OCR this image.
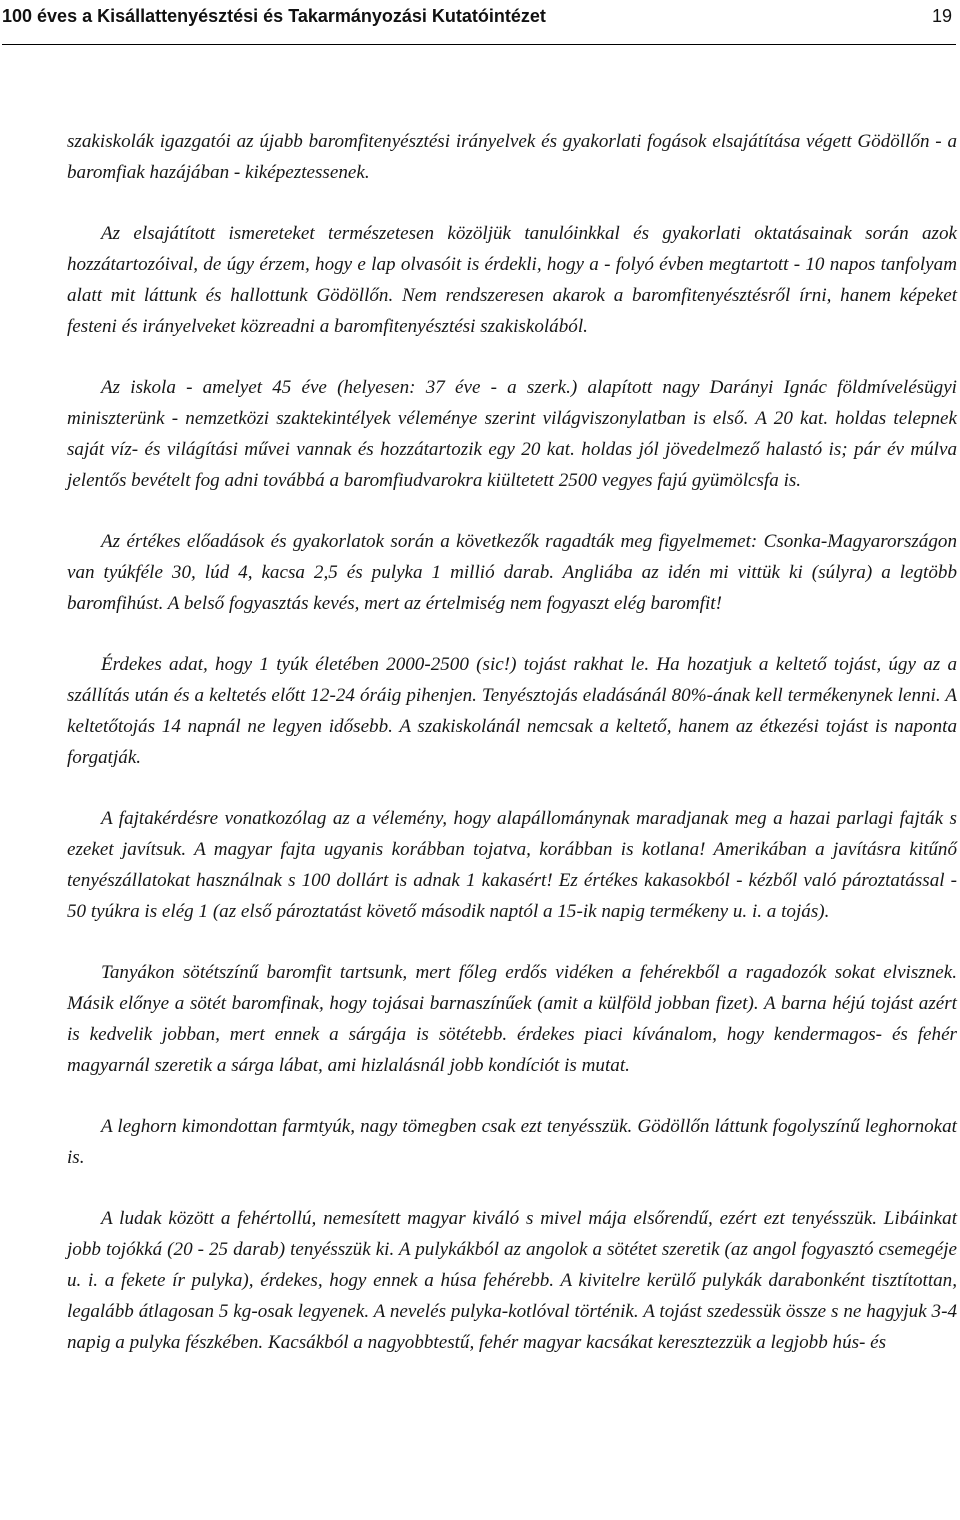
100 éves a Kisállattenyésztési és Takarmányozási Kutatóintézet	19

szakiskolák igazgatói az újabb baromfitenyésztési irányelvek és gyakorlati fogások elsajátítása végett Gödöllőn - a baromfiak hazájában - kiképeztessenek.

Az elsajátított ismereteket természetesen közöljük tanulóinkkal és gyakorlati oktatásainak során azok hozzátartozóival, de úgy érzem, hogy e lap olvasóit is érdekli, hogy a - folyó évben megtartott - 10 napos tanfolyam alatt mit láttunk és hallottunk Gödöllőn. Nem rendszeresen akarok a baromfitenyésztésről írni, hanem képeket festeni és irányelveket közreadni a baromfitenyésztési szakiskolából.

Az iskola - amelyet 45 éve (helyesen: 37 éve - a szerk.) alapított nagy Darányi Ignác földmívelésügyi miniszterünk - nemzetközi szaktekintélyek véleménye szerint világviszonylatban is első. A 20 kat. holdas telepnek saját víz- és világítási művei vannak és hozzátartozik egy 20 kat. holdas jól jövedelmező halastó is; pár év múlva jelentős bevételt fog adni továbbá a baromfiudvarokra kiültetett 2500 vegyes fajú gyümölcsfa is.

Az értékes előadások és gyakorlatok során a következők ragadták meg figyelmemet: Csonka-Magyarországon van tyúkféle 30, lúd 4, kacsa 2,5 és pulyka 1 millió darab. Angliába az idén mi vittük ki (súlyra) a legtöbb baromfihúst. A belső fogyasztás kevés, mert az értelmiség nem fogyaszt elég baromfit!

Érdekes adat, hogy 1 tyúk életében 2000-2500 (sic!) tojást rakhat le. Ha hozatjuk a keltető tojást, úgy az a szállítás után és a keltetés előtt 12-24 óráig pihenjen. Tenyésztojás eladásánál 80%-ának kell termékenynek lenni. A keltetőtojás 14 napnál ne legyen idősebb. A szakiskolánál nemcsak a keltető, hanem az étkezési tojást is naponta forgatják.

A fajtakérdésre vonatkozólag az a vélemény, hogy alapállománynak maradjanak meg a hazai parlagi fajták s ezeket javítsuk. A magyar fajta ugyanis korábban tojatva, korábban is kotlana! Amerikában a javításra kitűnő tenyészállatokat használnak s 100 dollárt is adnak 1 kakasért! Ez értékes kakasokból - kézből való pároztatással - 50 tyúkra is elég 1 (az első pároztatást követő második naptól a 15-ik napig termékeny u. i. a tojás).

Tanyákon sötétszínű baromfit tartsunk, mert főleg erdős vidéken a fehérekből a ragadozók sokat elvisznek. Másik előnye a sötét baromfinak, hogy tojásai barnaszínűek (amit a külföld jobban fizet). A barna héjú tojást azért is kedvelik jobban, mert ennek a sárgája is sötétebb. érdekes piaci kívánalom, hogy kendermagos- és fehér magyarnál szeretik a sárga lábat, ami hizlalásnál jobb kondíciót is mutat.

A leghorn kimondottan farmtyúk, nagy tömegben csak ezt tenyésszük. Gödöllőn láttunk fogolyszínű leghornokat is.

A ludak között a fehértollú, nemesített magyar kiváló s mivel mája elsőrendű, ezért ezt tenyésszük. Libáinkat jobb tojókká (20 - 25 darab) tenyésszük ki. A pulykákból az angolok a sötétet szeretik (az angol fogyasztó csemegéje u. i. a fekete ír pulyka), érdekes, hogy ennek a húsa fehérebb. A kivitelre kerülő pulykák darabonként tisztítottan, legalább átlagosan 5 kg-osak legyenek. A nevelés pulyka-kotlóval történik. A tojást szedessük össze s ne hagyjuk 3-4 napig a pulyka fészkében. Kacsákból a nagyobbtestű, fehér magyar kacsákat keresztezzük a legjobb hús- és
